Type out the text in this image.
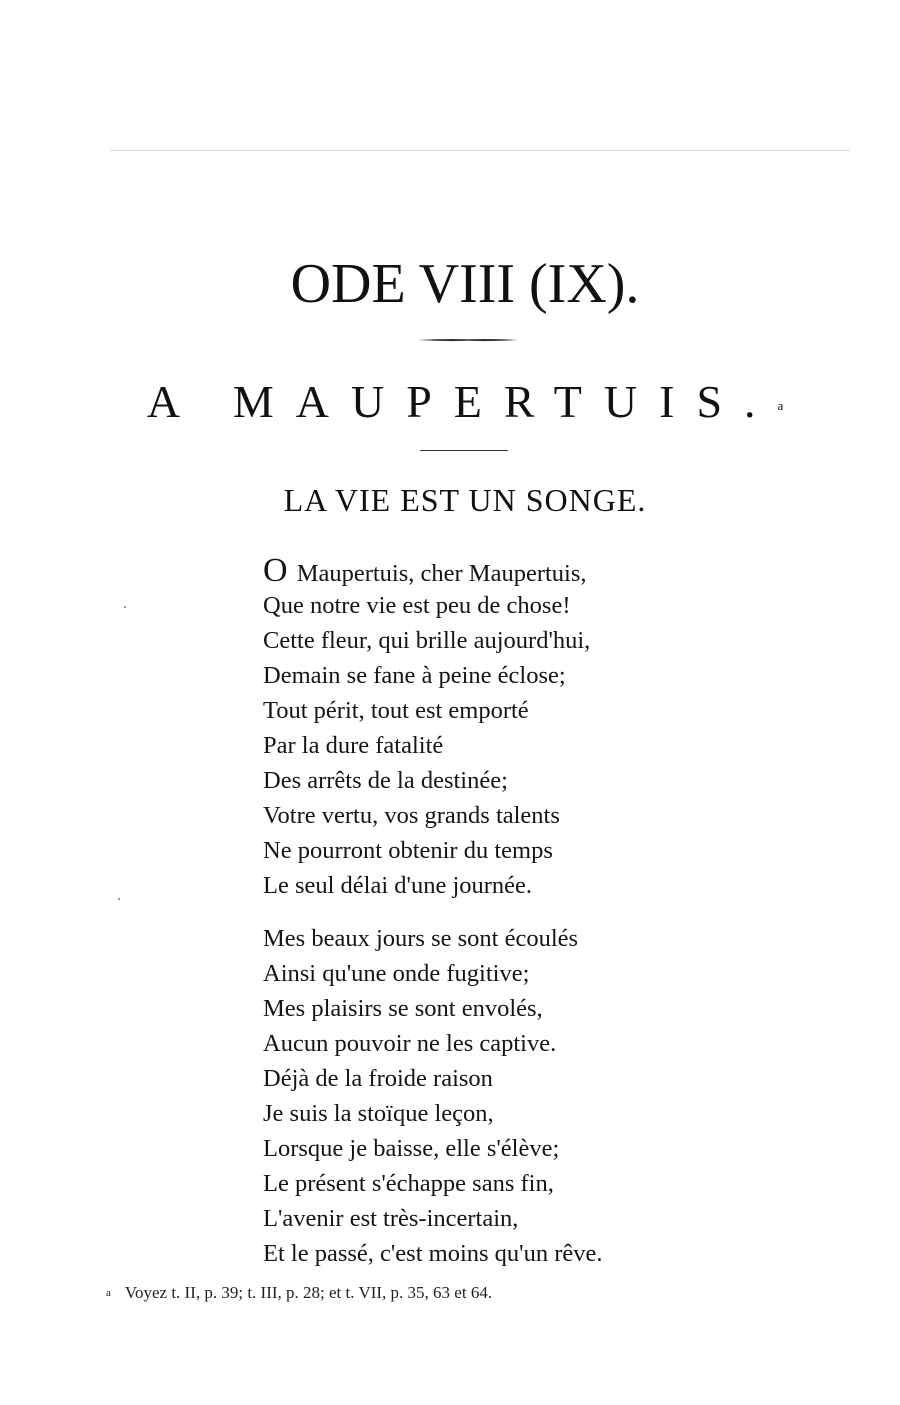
ODE VIII (IX).
A MAUPERTUIS.$^a$
LA VIE EST UN SONGE.
O Maupertuis, cher Maupertuis,
Que notre vie est peu de chose!
Cette fleur, qui brille aujourd'hui,
Demain se fane à peine éclose;
Tout périt, tout est emporté
Par la dure fatalité
Des arrêts de la destinée;
Votre vertu, vos grands talents
Ne pourront obtenir du temps
Le seul délai d'une journée.
Mes beaux jours se sont écoulés
Ainsi qu'une onde fugitive;
Mes plaisirs se sont envolés,
Aucun pouvoir ne les captive.
Déjà de la froide raison
Je suis la stoïque leçon,
Lorsque je baisse, elle s'élève;
Le présent s'échappe sans fin,
L'avenir est très-incertain,
Et le passé, c'est moins qu'un rêve.
$^a$ Voyez t. II, p. 39; t. III, p. 28; et t. VII, p. 35, 63 et 64.
